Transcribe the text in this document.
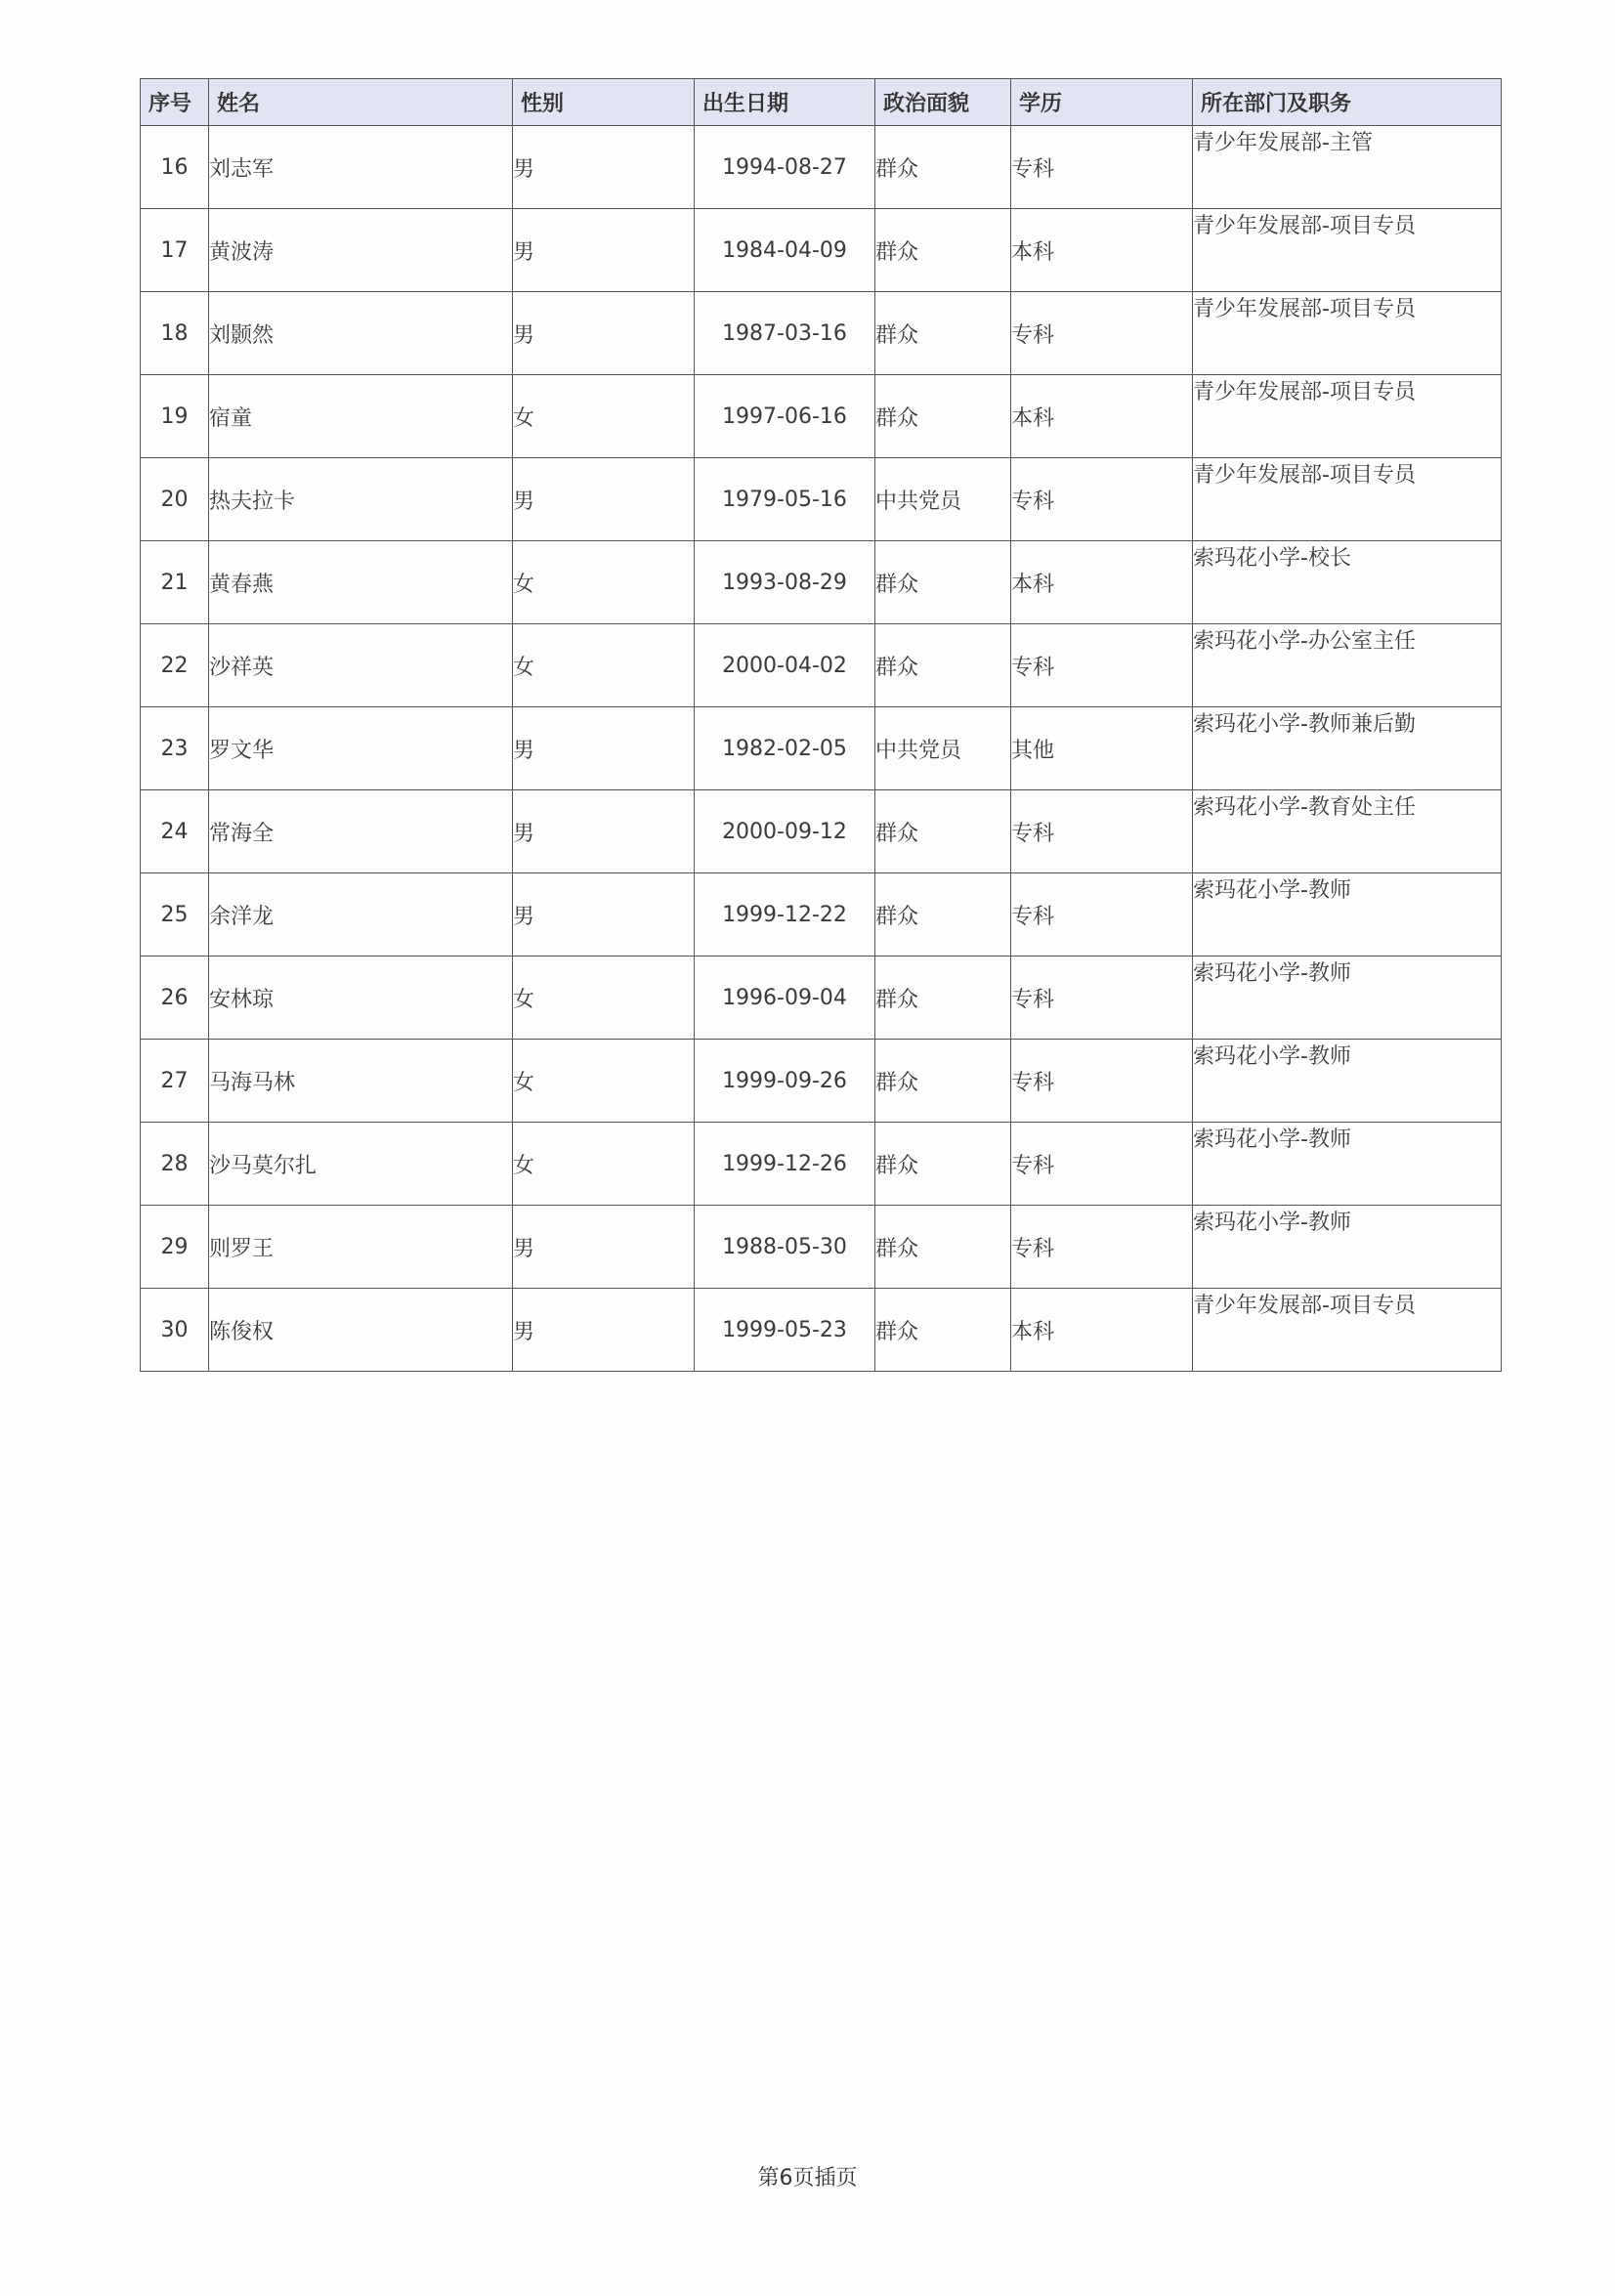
序号	姓名	性别	出生日期	政治面貌	学历	所在部门及职务
16	刘志军	男	1994-08-27	群众	专科	青少年发展部-主管
17	黄波涛	男	1984-04-09	群众	本科	青少年发展部-项目专员
18	刘颢然	男	1987-03-16	群众	专科	青少年发展部-项目专员
19	宿童	女	1997-06-16	群众	本科	青少年发展部-项目专员
20	热夫拉卡	男	1979-05-16	中共党员	专科	青少年发展部-项目专员
21	黄春燕	女	1993-08-29	群众	本科	索玛花小学-校长
22	沙祥英	女	2000-04-02	群众	专科	索玛花小学-办公室主任
23	罗文华	男	1982-02-05	中共党员	其他	索玛花小学-教师兼后勤
24	常海全	男	2000-09-12	群众	专科	索玛花小学-教育处主任
25	余洋龙	男	1999-12-22	群众	专科	索玛花小学-教师
26	安林琼	女	1996-09-04	群众	专科	索玛花小学-教师
27	马海马林	女	1999-09-26	群众	专科	索玛花小学-教师
28	沙马莫尔扎	女	1999-12-26	群众	专科	索玛花小学-教师
29	则罗王	男	1988-05-30	群众	专科	索玛花小学-教师
30	陈俊权	男	1999-05-23	群众	本科	青少年发展部-项目专员
第6页插页
